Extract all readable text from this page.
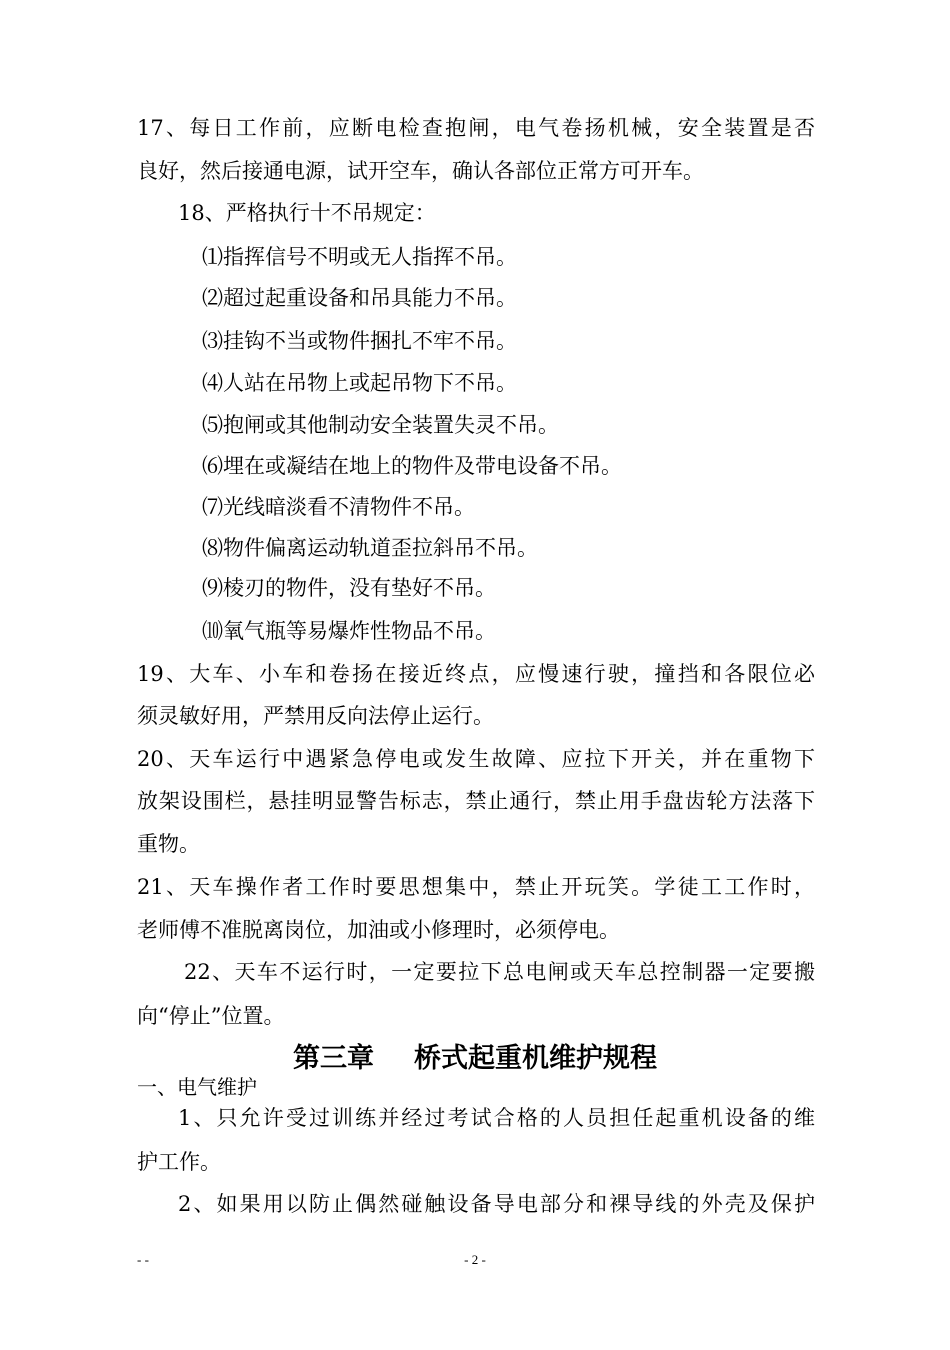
17、每日工作前，应断电检查抱闸，电气卷扬机械，安全装置是否
良好，然后接通电源，试开空车，确认各部位正常方可开车。
18、严格执行十不吊规定：
⑴指挥信号不明或无人指挥不吊。
⑵超过起重设备和吊具能力不吊。
⑶挂钩不当或物件捆扎不牢不吊。
⑷人站在吊物上或起吊物下不吊。
⑸抱闸或其他制动安全装置失灵不吊。
⑹埋在或凝结在地上的物件及带电设备不吊。
⑺光线暗淡看不清物件不吊。
⑻物件偏离运动轨道歪拉斜吊不吊。
⑼棱刃的物件，没有垫好不吊。
⑽氧气瓶等易爆炸性物品不吊。
19、大车、小车和卷扬在接近终点，应慢速行驶，撞挡和各限位必
须灵敏好用，严禁用反向法停止运行。
20、天车运行中遇紧急停电或发生故障、应拉下开关，并在重物下
放架设围栏，悬挂明显警告标志，禁止通行，禁止用手盘齿轮方法落下
重物。
21、天车操作者工作时要思想集中，禁止开玩笑。学徒工工作时，
老师傅不准脱离岗位，加油或小修理时，必须停电。
22、天车不运行时，一定要拉下总电闸或天车总控制器一定要搬
向“停止”位置。
第三章 桥式起重机维护规程
一、电气维护
1、只允许受过训练并经过考试合格的人员担任起重机设备的维
护工作。
2、如果用以防止偶然碰触设备导电部分和裸导线的外壳及保护
- -	- 2 -
